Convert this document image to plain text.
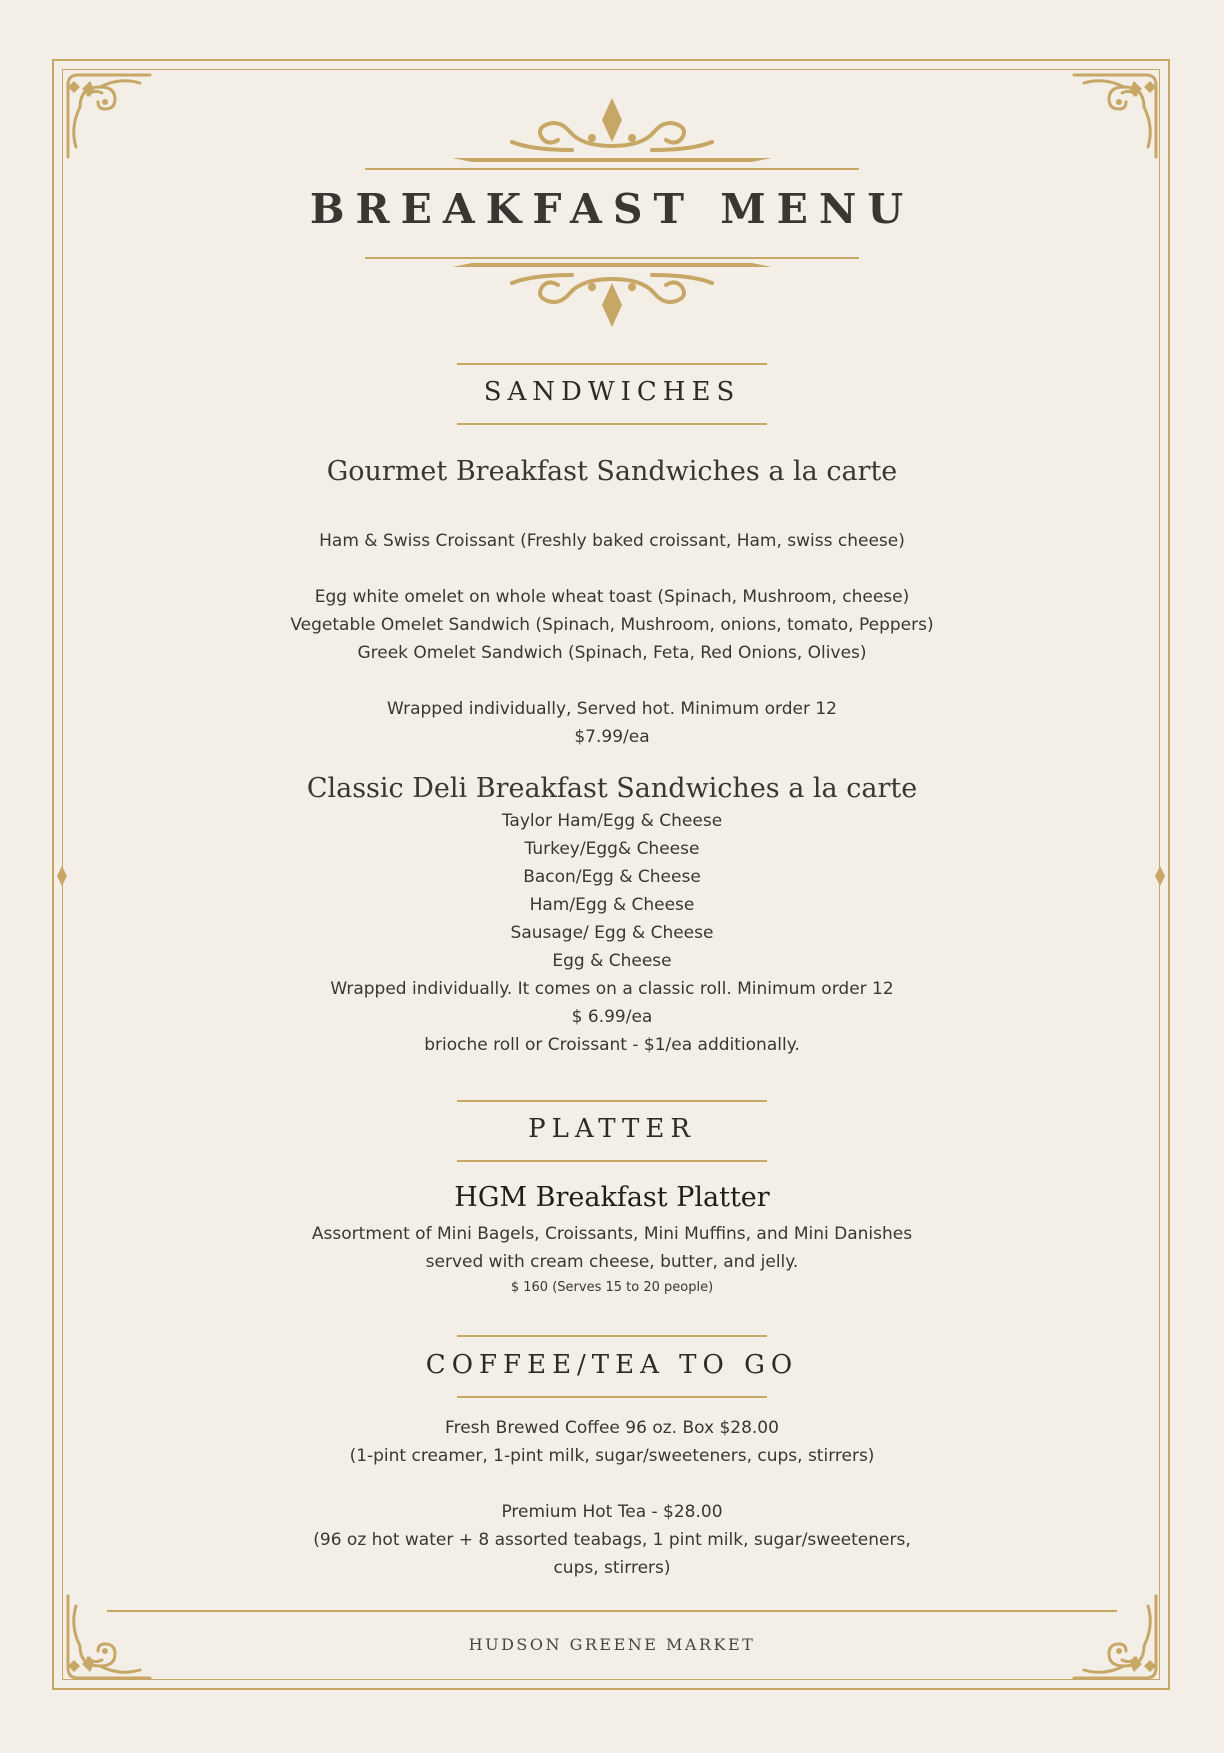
BREAKFAST MENU
SANDWICHES
Gourmet Breakfast Sandwiches a la carte

Ham & Swiss Croissant (Freshly baked croissant, Ham, swiss cheese)

Egg white omelet on whole wheat toast (Spinach, Mushroom, cheese)

Vegetable Omelet Sandwich (Spinach, Mushroom, onions, tomato, Peppers)

Greek Omelet Sandwich (Spinach, Feta, Red Onions, Olives)

Wrapped individually, Served hot. Minimum order 12

$7.99/ea

Classic Deli Breakfast Sandwiches a la carte

Taylor Ham/Egg & Cheese

Turkey/Egg& Cheese

Bacon/Egg & Cheese

Ham/Egg & Cheese

Sausage/ Egg & Cheese

Egg & Cheese

Wrapped individually. It comes on a classic roll. Minimum order 12

$ 6.99/ea

brioche roll or Croissant - $1/ea additionally.

PLATTER
HGM Breakfast Platter

Assortment of Mini Bagels, Croissants, Mini Muffins, and Mini Danishes

served with cream cheese, butter, and jelly.

$ 160 (Serves 15 to 20 people)

COFFEE/TEA TO GO

Fresh Brewed Coffee 96 oz. Box $28.00

(1-pint creamer, 1-pint milk, sugar/sweeteners, cups, stirrers)

Premium Hot Tea - $28.00

(96 oz hot water + 8 assorted teabags, 1 pint milk, sugar/sweeteners,

cups, stirrers)

HUDSON GREENE MARKET
